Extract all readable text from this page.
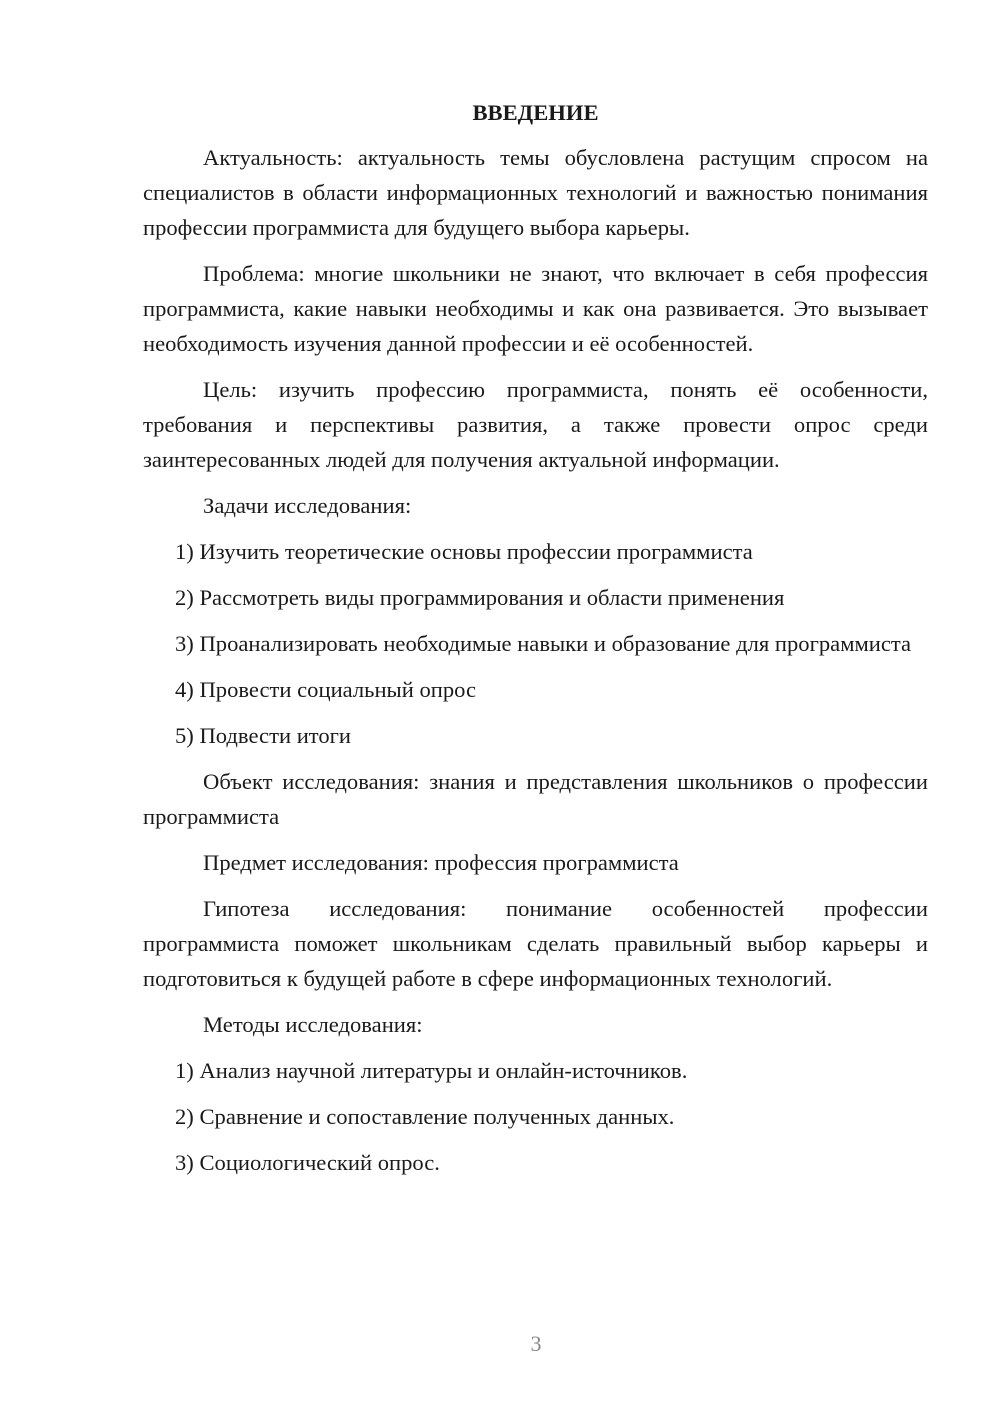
ВВЕДЕНИЕ

Актуальность: актуальность темы обусловлена растущим спросом на специалистов в области информационных технологий и важностью понимания профессии программиста для будущего выбора карьеры.

Проблема: многие школьники не знают, что включает в себя профессия программиста, какие навыки необходимы и как она развивается. Это вызывает необходимость изучения данной профессии и её особенностей.

Цель: изучить профессию программиста, понять её особенности, требования и перспективы развития, а также провести опрос среди заинтересованных людей для получения актуальной информации.

Задачи исследования:

1) Изучить теоретические основы профессии программиста

2) Рассмотреть виды программирования и области применения

3) Проанализировать необходимые навыки и образование для программиста

4) Провести социальный опрос

5) Подвести итоги

Объект исследования: знания и представления школьников о профессии программиста

Предмет исследования: профессия программиста

Гипотеза исследования: понимание особенностей профессии программиста поможет школьникам сделать правильный выбор карьеры и подготовиться к будущей работе в сфере информационных технологий.

Методы исследования:

1) Анализ научной литературы и онлайн-источников.

2) Сравнение и сопоставление полученных данных.

3) Социологический опрос.

3
